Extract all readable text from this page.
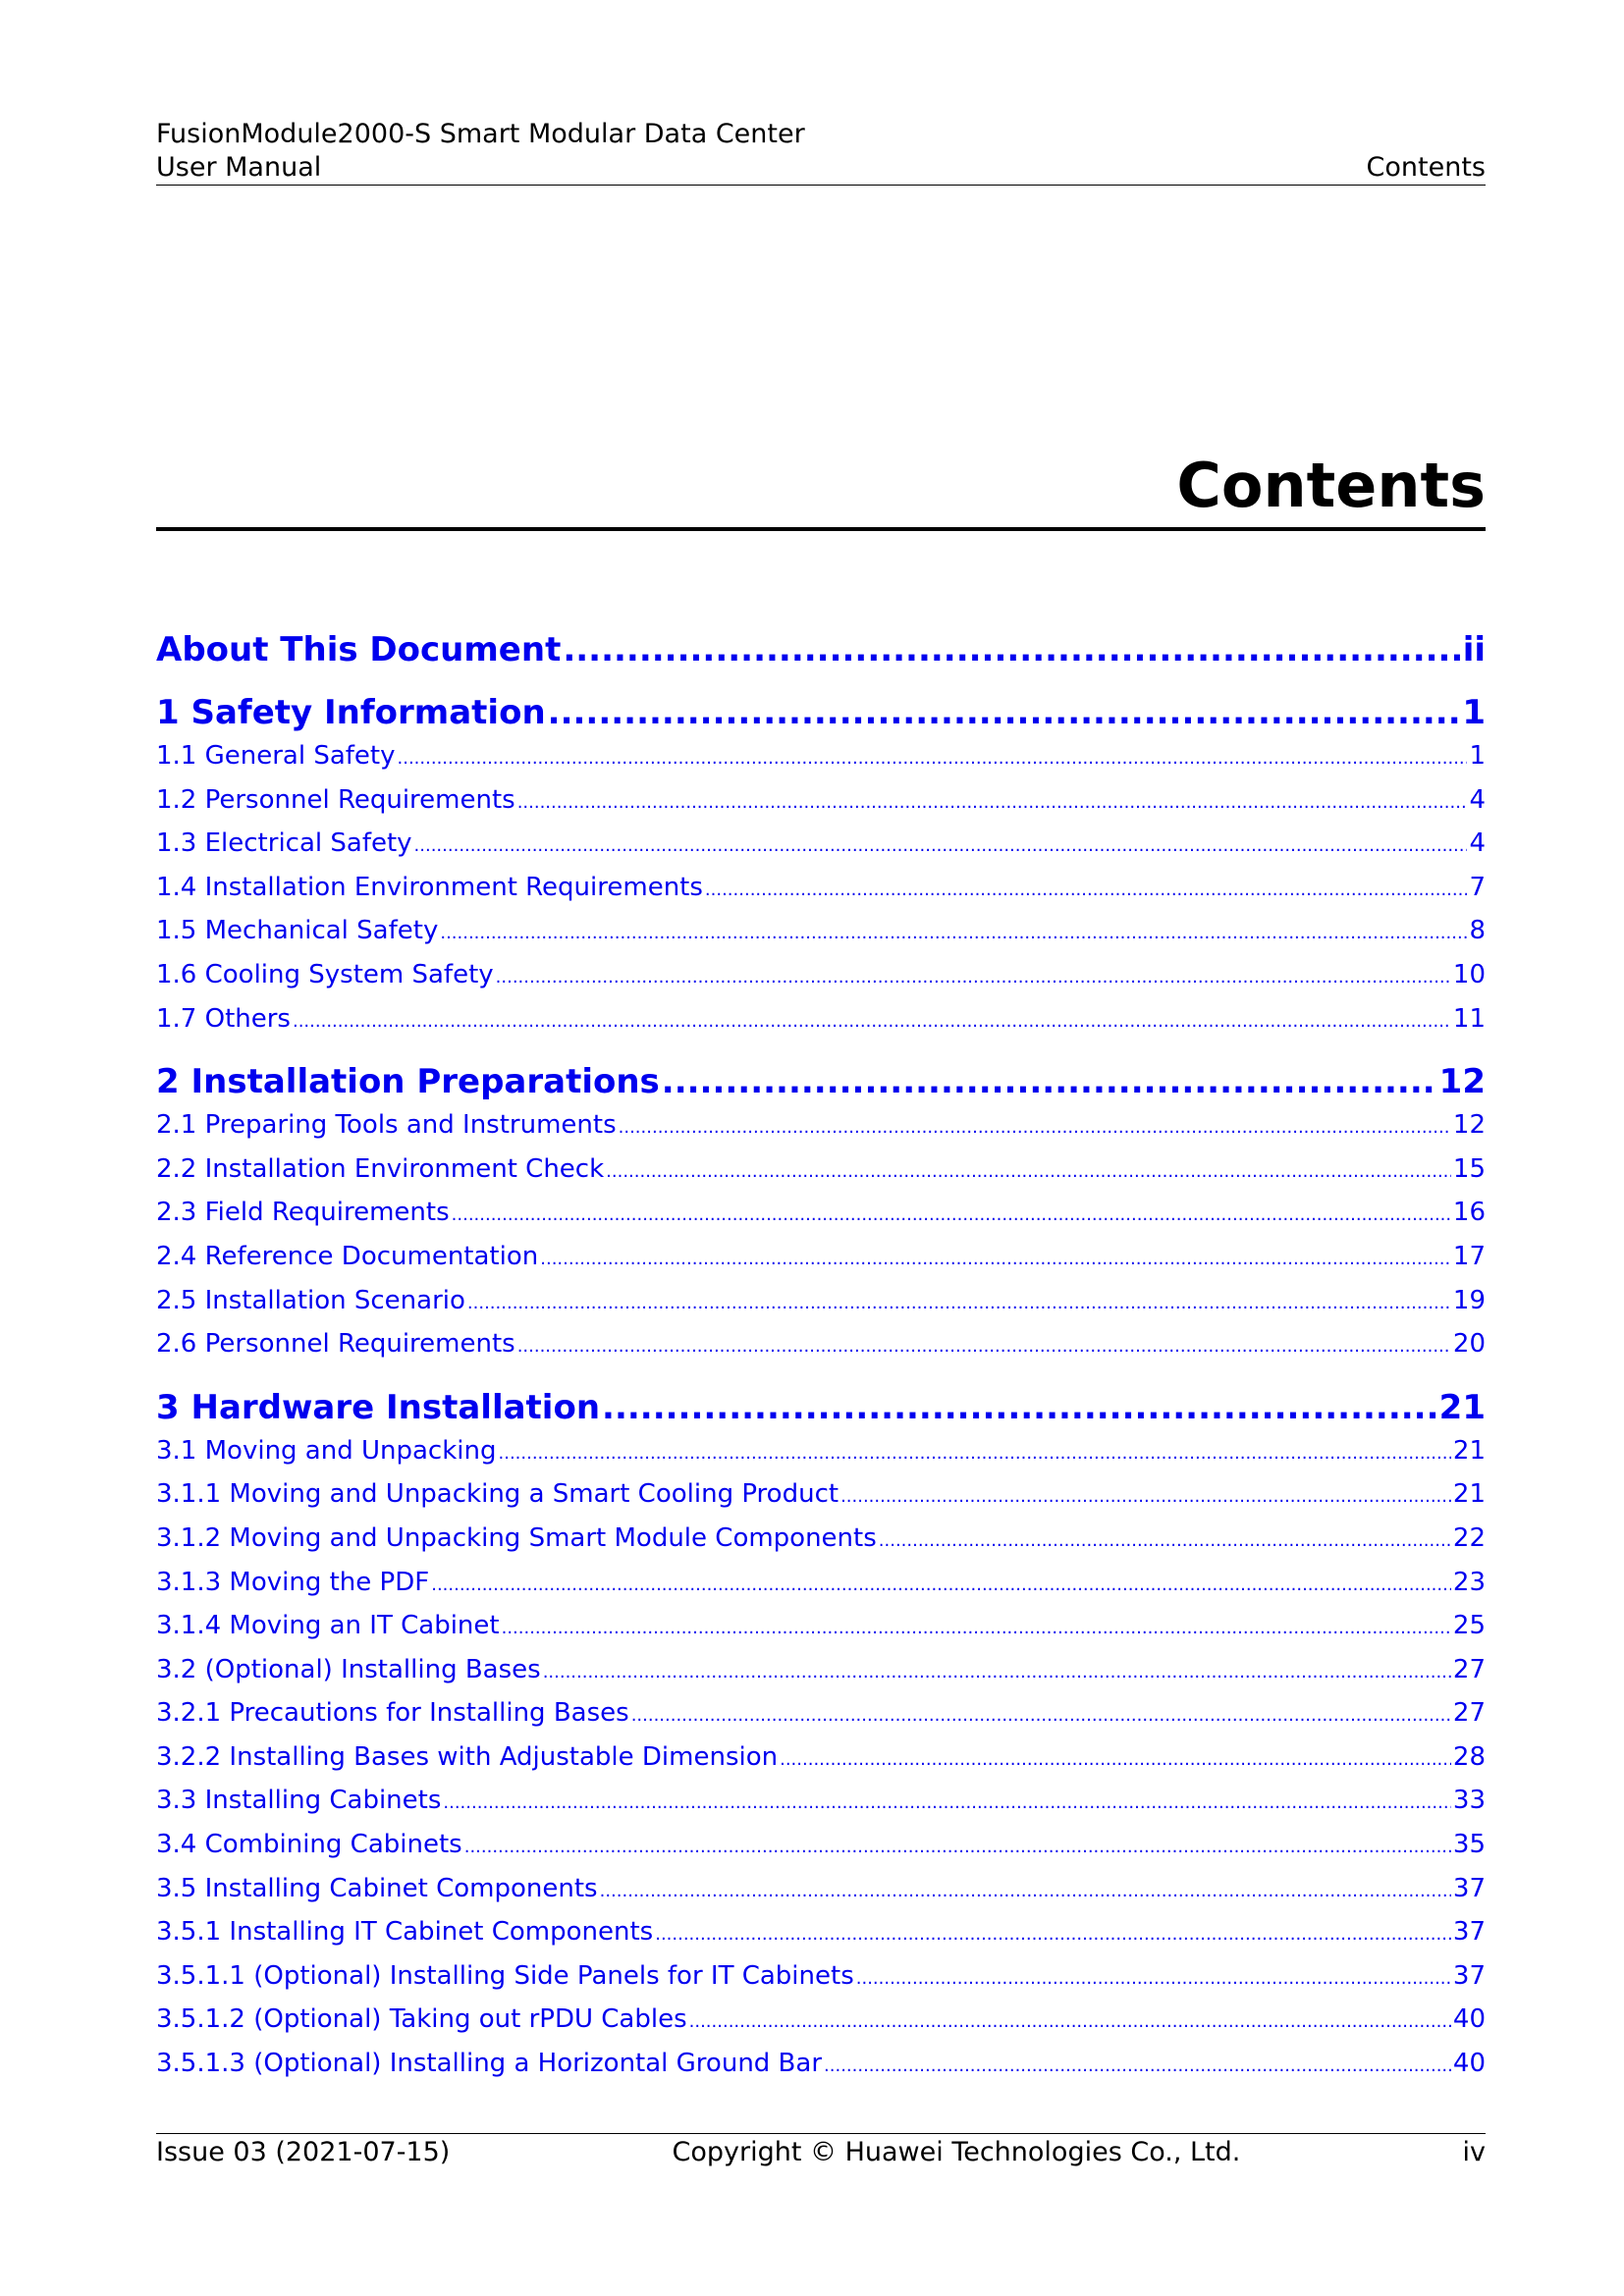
FusionModule2000-S Smart Modular Data Center
User Manual	Contents
Contents
About This Document .....	ii
1 Safety Information .....	1
1.1 General Safety .....	1
1.2 Personnel Requirements .....	4
1.3 Electrical Safety .....	4
1.4 Installation Environment Requirements .....	7
1.5 Mechanical Safety .....	8
1.6 Cooling System Safety .....	10
1.7 Others .....	11
2 Installation Preparations .....	12
2.1 Preparing Tools and Instruments .....	12
2.2 Installation Environment Check .....	15
2.3 Field Requirements .....	16
2.4 Reference Documentation .....	17
2.5 Installation Scenario .....	19
2.6 Personnel Requirements .....	20
3 Hardware Installation .....	21
3.1 Moving and Unpacking .....	21
3.1.1 Moving and Unpacking a Smart Cooling Product .....	21
3.1.2 Moving and Unpacking Smart Module Components .....	22
3.1.3 Moving the PDF .....	23
3.1.4 Moving an IT Cabinet .....	25
3.2 (Optional) Installing Bases .....	27
3.2.1 Precautions for Installing Bases .....	27
3.2.2 Installing Bases with Adjustable Dimension .....	28
3.3 Installing Cabinets .....	33
3.4 Combining Cabinets .....	35
3.5 Installing Cabinet Components .....	37
3.5.1 Installing IT Cabinet Components .....	37
3.5.1.1 (Optional) Installing Side Panels for IT Cabinets .....	37
3.5.1.2 (Optional) Taking out rPDU Cables .....	40
3.5.1.3 (Optional) Installing a Horizontal Ground Bar .....	40
Issue 03 (2021-07-15)	Copyright © Huawei Technologies Co., Ltd.	iv
